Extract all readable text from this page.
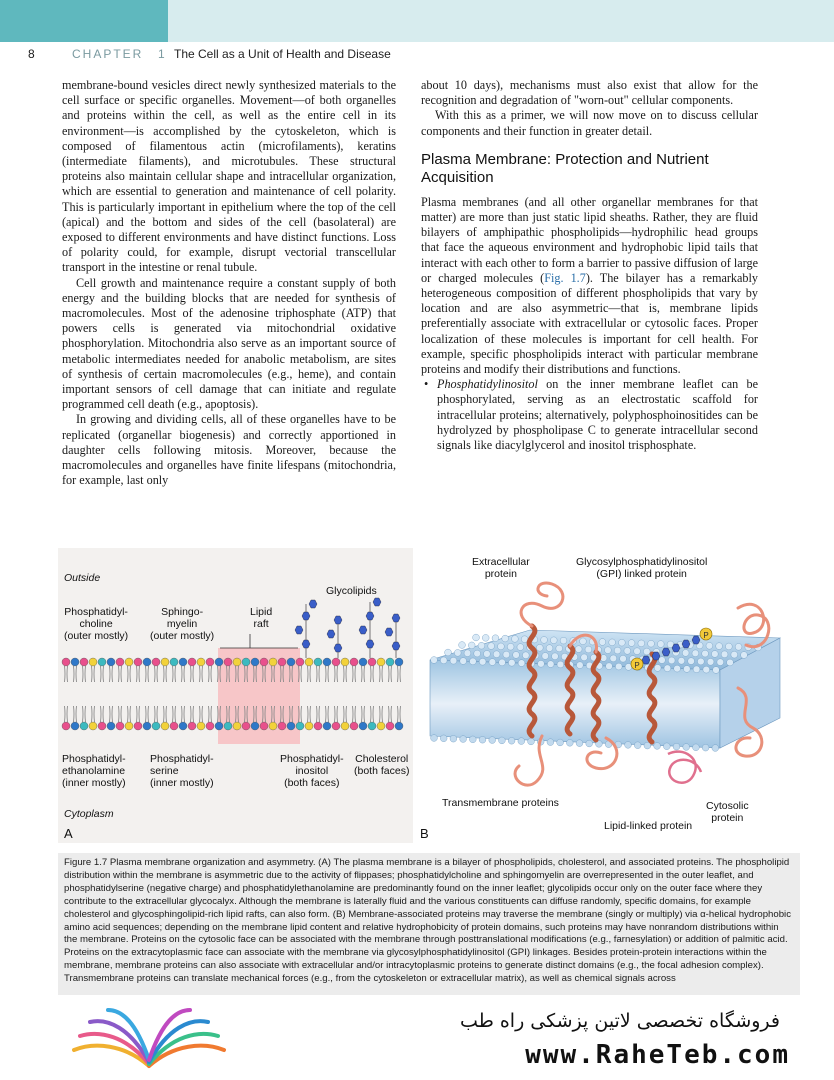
8	CHAPTER 1 The Cell as a Unit of Health and Disease

membrane-bound vesicles direct newly synthesized materials to the cell surface or specific organelles. Movement—of both organelles and proteins within the cell, as well as the entire cell in its environment—is accomplished by the cytoskeleton, which is composed of filamentous actin (microfilaments), keratins (intermediate filaments), and microtubules. These structural proteins also maintain cellular shape and intracellular organization, which are essential to generation and maintenance of cell polarity. This is particularly important in epithelium where the top of the cell (apical) and the bottom and sides of the cell (basolateral) are exposed to different environments and have distinct functions. Loss of polarity could, for example, disrupt vectorial transcellular transport in the intestine or renal tubule.

Cell growth and maintenance require a constant supply of both energy and the building blocks that are needed for synthesis of macromolecules. Most of the adenosine triphosphate (ATP) that powers cells is generated via mitochondrial oxidative phosphorylation. Mitochondria also serve as an important source of metabolic intermediates needed for anabolic metabolism, are sites of synthesis of certain macromolecules (e.g., heme), and contain important sensors of cell damage that can initiate and regulate programmed cell death (e.g., apoptosis).

In growing and dividing cells, all of these organelles have to be replicated (organellar biogenesis) and correctly apportioned in daughter cells following mitosis. Moreover, because the macromolecules and organelles have finite lifespans (mitochondria, for example, last only

about 10 days), mechanisms must also exist that allow for the recognition and degradation of "worn-out" cellular components.

With this as a primer, we will now move on to discuss cellular components and their function in greater detail.

Plasma Membrane: Protection and Nutrient Acquisition

Plasma membranes (and all other organellar membranes for that matter) are more than just static lipid sheaths. Rather, they are fluid bilayers of amphipathic phospholipids—hydrophilic head groups that face the aqueous environment and hydrophobic lipid tails that interact with each other to form a barrier to passive diffusion of large or charged molecules (Fig. 1.7). The bilayer has a remarkably heterogeneous composition of different phospholipids that vary by location and are also asymmetric—that is, membrane lipids preferentially associate with extracellular or cytosolic faces. Proper localization of these molecules is important for cell health. For example, specific phospholipids interact with particular membrane proteins and modify their distributions and functions.

• Phosphatidylinositol on the inner membrane leaflet can be phosphorylated, serving as an electrostatic scaffold for intracellular proteins; alternatively, polyphosphoinositides can be hydrolyzed by phospholipase C to generate intracellular second signals like diacylglycerol and inositol trisphosphate.

Outside
Glycolipids
Phosphatidyl-
choline
(outer mostly)
Sphingo-
myelin
(outer mostly)
Lipid
raft
Phosphatidyl-
ethanolamine
(inner mostly)
Phosphatidyl-
serine
(inner mostly)
Phosphatidyl-
inositol
(both faces)
Cholesterol
(both faces)
Cytoplasm
A
P
P
Extracellular
protein
Glycosylphosphatidylinositol
(GPI) linked protein
Transmembrane proteins
Lipid-linked protein
Cytosolic
protein
B
Figure 1.7 Plasma membrane organization and asymmetry. (A) The plasma membrane is a bilayer of phospholipids, cholesterol, and associated proteins. The phospholipid distribution within the membrane is asymmetric due to the activity of flippases; phosphatidylcholine and sphingomyelin are overrepresented in the outer leaflet, and phosphatidylserine (negative charge) and phosphatidylethanolamine are predominantly found on the inner leaflet; glycolipids occur only on the outer face where they contribute to the extracellular glycocalyx. Although the membrane is laterally fluid and the various constituents can diffuse randomly, specific domains, for example cholesterol and glycosphingolipid-rich lipid rafts, can also form. (B) Membrane-associated proteins may traverse the membrane (singly or multiply) via α-helical hydrophobic amino acid sequences; depending on the membrane lipid content and relative hydrophobicity of protein domains, such proteins may have nonrandom distributions within the membrane. Proteins on the cytosolic face can be associated with the membrane through posttranslational modifications (e.g., farnesylation) or addition of palmitic acid. Proteins on the extracytoplasmic face can associate with the membrane via glycosylphosphatidylinositol (GPI) linkages. Besides protein-protein interactions within the membrane, membrane proteins can also associate with extracellular and/or intracytoplasmic proteins to generate distinct domains (e.g., the focal adhesion complex). Transmembrane proteins can translate mechanical forces (e.g., from the cytoskeleton or extracellular matrix), as well as chemical signals across
فروشگاه تخصصی لاتین پزشکی راه طب
www.RaheTeb.com
